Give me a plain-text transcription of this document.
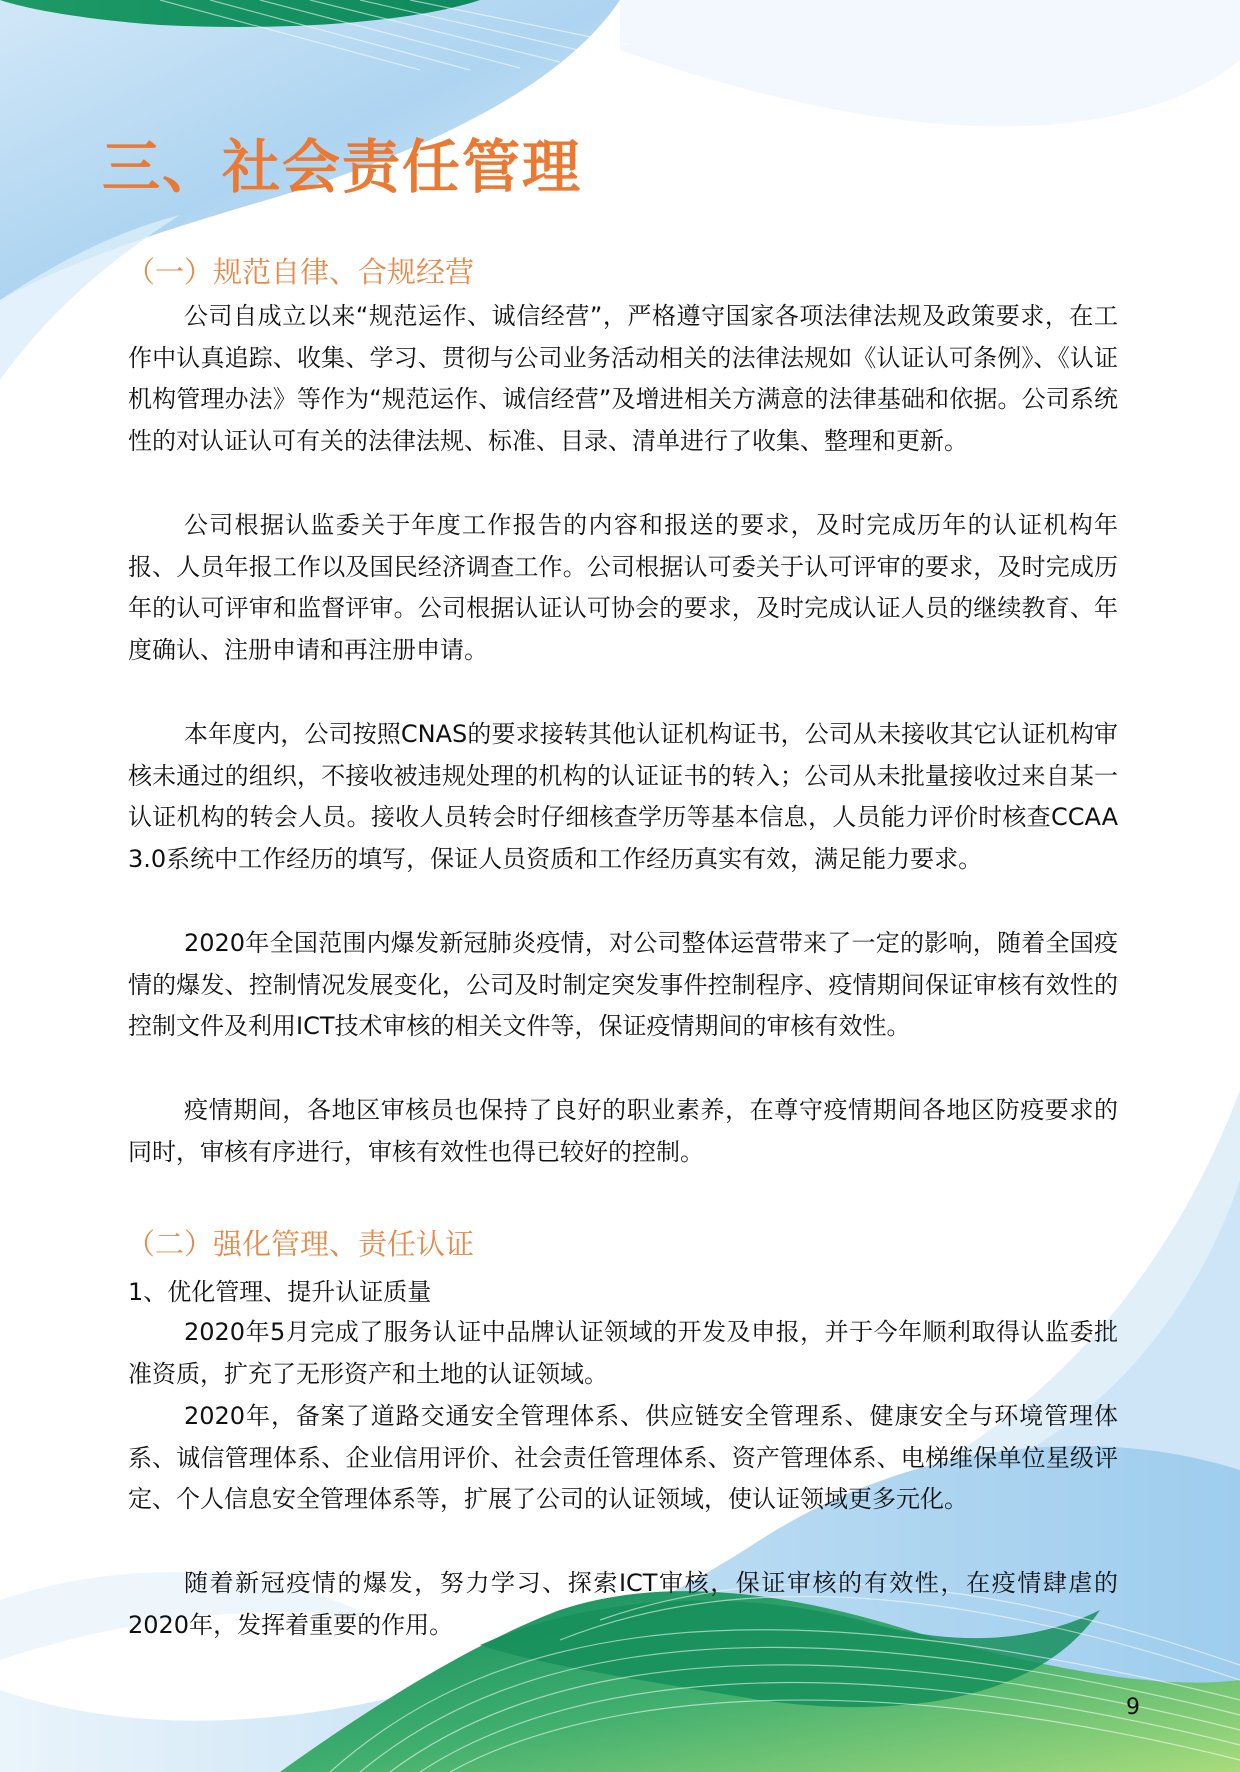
三、社会责任管理
（一）规范自律、合规经营

公司自成立以来“规范运作、诚信经营”，严格遵守国家各项法律法规及政策要求，在工作中认真追踪、收集、学习、贯彻与公司业务活动相关的法律法规如《认证认可条例》、《认证机构管理办法》等作为“规范运作、诚信经营”及增进相关方满意的法律基础和依据。公司系统性的对认证认可有关的法律法规、标准、目录、清单进行了收集、整理和更新。

公司根据认监委关于年度工作报告的内容和报送的要求，及时完成历年的认证机构年报、人员年报工作以及国民经济调查工作。公司根据认可委关于认可评审的要求，及时完成历年的认可评审和监督评审。公司根据认证认可协会的要求，及时完成认证人员的继续教育、年度确认、注册申请和再注册申请。

本年度内，公司按照CNAS的要求接转其他认证机构证书，公司从未接收其它认证机构审核未通过的组织，不接收被违规处理的机构的认证证书的转入；公司从未批量接收过来自某一认证机构的转会人员。接收人员转会时仔细核查学历等基本信息，人员能力评价时核查CCAA 3.0系统中工作经历的填写，保证人员资质和工作经历真实有效，满足能力要求。

2020年全国范围内爆发新冠肺炎疫情，对公司整体运营带来了一定的影响，随着全国疫情的爆发、控制情况发展变化，公司及时制定突发事件控制程序、疫情期间保证审核有效性的控制文件及利用ICT技术审核的相关文件等，保证疫情期间的审核有效性。

疫情期间，各地区审核员也保持了良好的职业素养，在尊守疫情期间各地区防疫要求的同时，审核有序进行，审核有效性也得已较好的控制。

（二）强化管理、责任认证
1、优化管理、提升认证质量

2020年5月完成了服务认证中品牌认证领域的开发及申报，并于今年顺利取得认监委批准资质，扩充了无形资产和土地的认证领域。

2020年，备案了道路交通安全管理体系、供应链安全管理系、健康安全与环境管理体系、诚信管理体系、企业信用评价、社会责任管理体系、资产管理体系、电梯维保单位星级评定、个人信息安全管理体系等，扩展了公司的认证领域，使认证领域更多元化。

随着新冠疫情的爆发，努力学习、探索ICT审核，保证审核的有效性，在疫情肆虐的2020年，发挥着重要的作用。

9
